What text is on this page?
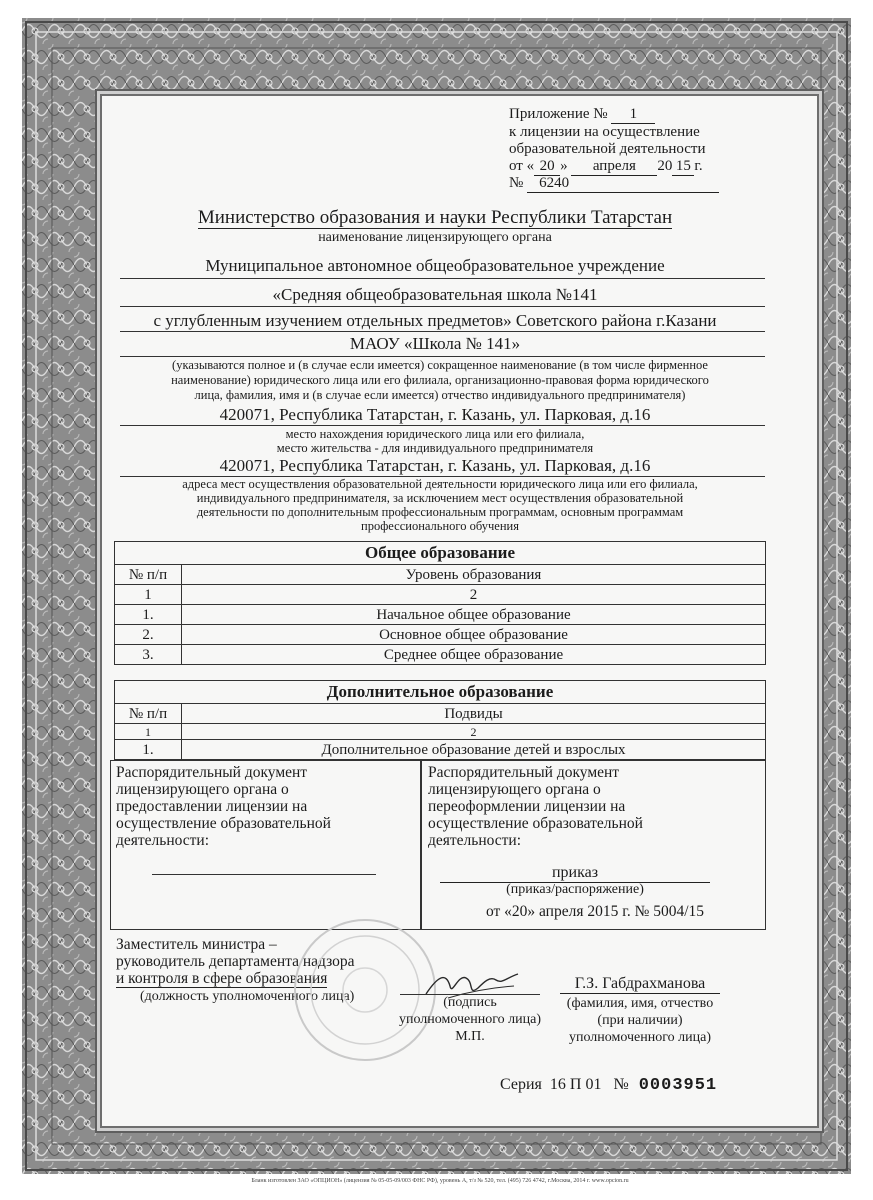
Приложение № 1
к лицензии на осуществление
образовательной деятельности
от « 20 » апреля 20 15 г.
№ 6240
Министерство образования и науки Республики Татарстан
наименование лицензирующего органа
Муниципальное автономное общеобразовательное учреждение
«Средняя общеобразовательная школа №141
с углубленным изучением отдельных предметов» Советского района г.Казани
МАОУ «Школа № 141»
(указываются полное и (в случае если имеется) сокращенное наименование (в том числе фирменное
наименование) юридического лица или его филиала, организационно-правовая форма юридического
лица, фамилия, имя и (в случае если имеется) отчество индивидуального предпринимателя)
420071, Республика Татарстан, г. Казань, ул. Парковая, д.16
место нахождения юридического лица или его филиала,
место жительства - для индивидуального предпринимателя
420071, Республика Татарстан, г. Казань, ул. Парковая, д.16
адреса мест осуществления образовательной деятельности юридического лица или его филиала,
индивидуального предпринимателя, за исключением мест осуществления образовательной
деятельности по дополнительным профессиональным программам, основным программам
профессионального обучения
Общее образование	
№ п/п	Уровень образования
1	2
1.	Начальное общее образование
2.	Основное общее образование
3.	Среднее общее образование
Дополнительное образование	
№ п/п	Подвиды
1	2
1.	Дополнительное образование детей и взрослых
Распорядительный документ
лицензирующего органа о
предоставлении лицензии на
осуществление образовательной
деятельности:
Распорядительный документ
лицензирующего органа о
переоформлении лицензии на
осуществление образовательной
деятельности:
приказ
(приказ/распоряжение)
от «20» апреля 2015 г. № 5004/15
Заместитель министра –
руководитель департамента надзора
и контроля в сфере образования
(должность уполномоченного лица)	(подпись
уполномоченного лица)
М.П.
Г.З. Габдрахманова
(фамилия, имя, отчество
(при наличии)
уполномоченного лица)
Серия 16 П 01 № 0003951
Бланк изготовлен ЗАО «ОПЦИОН» (лицензия № 05-05-09/003 ФНС РФ), уровень А, т/з № 520, тел. (495) 726 4742, г.Москва, 2014 г. www.opcion.ru
